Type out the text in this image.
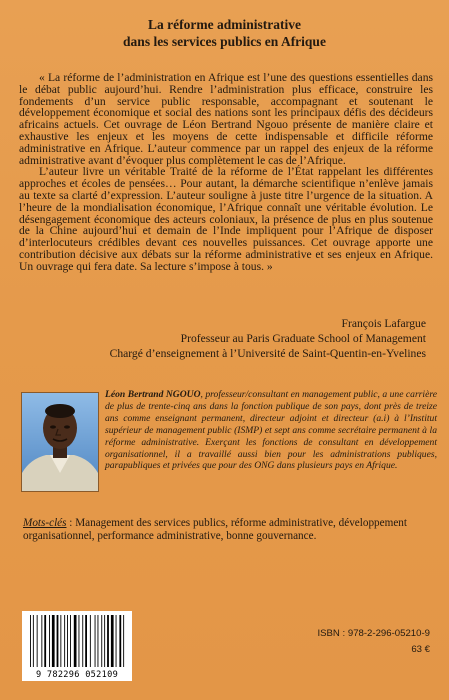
La réforme administrative
dans les services publics en Afrique

« La réforme de l’administration en Afrique est l’une des questions essentielles dans le débat public aujourd’hui. Rendre l’administration plus efficace, construire les fondements d’un service public responsable, accompagnant et soutenant le développement économique et social des nations sont les principaux défis des décideurs africains actuels. Cet ouvrage de Léon Bertrand Ngouo présente de manière claire et exhaustive les enjeux et les moyens de cette indispensable et difficile réforme administrative en Afrique. L’auteur commence par un rappel des enjeux de la réforme administrative avant d’évoquer plus complètement le cas de l’Afrique.

L’auteur livre un véritable Traité de la réforme de l’État rappelant les différentes approches et écoles de pensées… Pour autant, la démarche scientifique n’enlève jamais au texte sa clarté d’expression. L’auteur souligne à juste titre l’urgence de la situation. A l’heure de la mondialisation économique, l’Afrique connaît une véritable évolution. Le désengagement économique des acteurs coloniaux, la présence de plus en plus soutenue de la Chine aujourd’hui et demain de l’Inde impliquent pour l’Afrique de disposer d’interlocuteurs crédibles devant ces nouvelles puissances. Cet ouvrage apporte une contribution décisive aux débats sur la réforme administrative et ses enjeux en Afrique. Un ouvrage qui fera date. Sa lecture s’impose à tous. »

François Lafargue
Professeur au Paris Graduate School of Management
Chargé d’enseignement à l’Université de Saint-Quentin-en-Yvelines
Léon Bertrand NGOUO, professeur/consultant en management public, a une carrière de plus de trente-cinq ans dans la fonction publique de son pays, dont près de treize ans comme enseignant permanent, directeur adjoint et directeur (a.i) à l’Institut supérieur de management public (ISMP) et sept ans comme secrétaire permanent à la réforme administrative. Exerçant les fonctions de consultant en développement organisationnel, il a travaillé aussi bien pour les administrations publiques, parapubliques et privées que pour des ONG dans plusieurs pays en Afrique.
Mots-clés : Management des services publics, réforme administrative, développement organisationnel, performance administrative, bonne gouvernance.
9 782296 052109
ISBN : 978-2-296-05210-9
63 €
